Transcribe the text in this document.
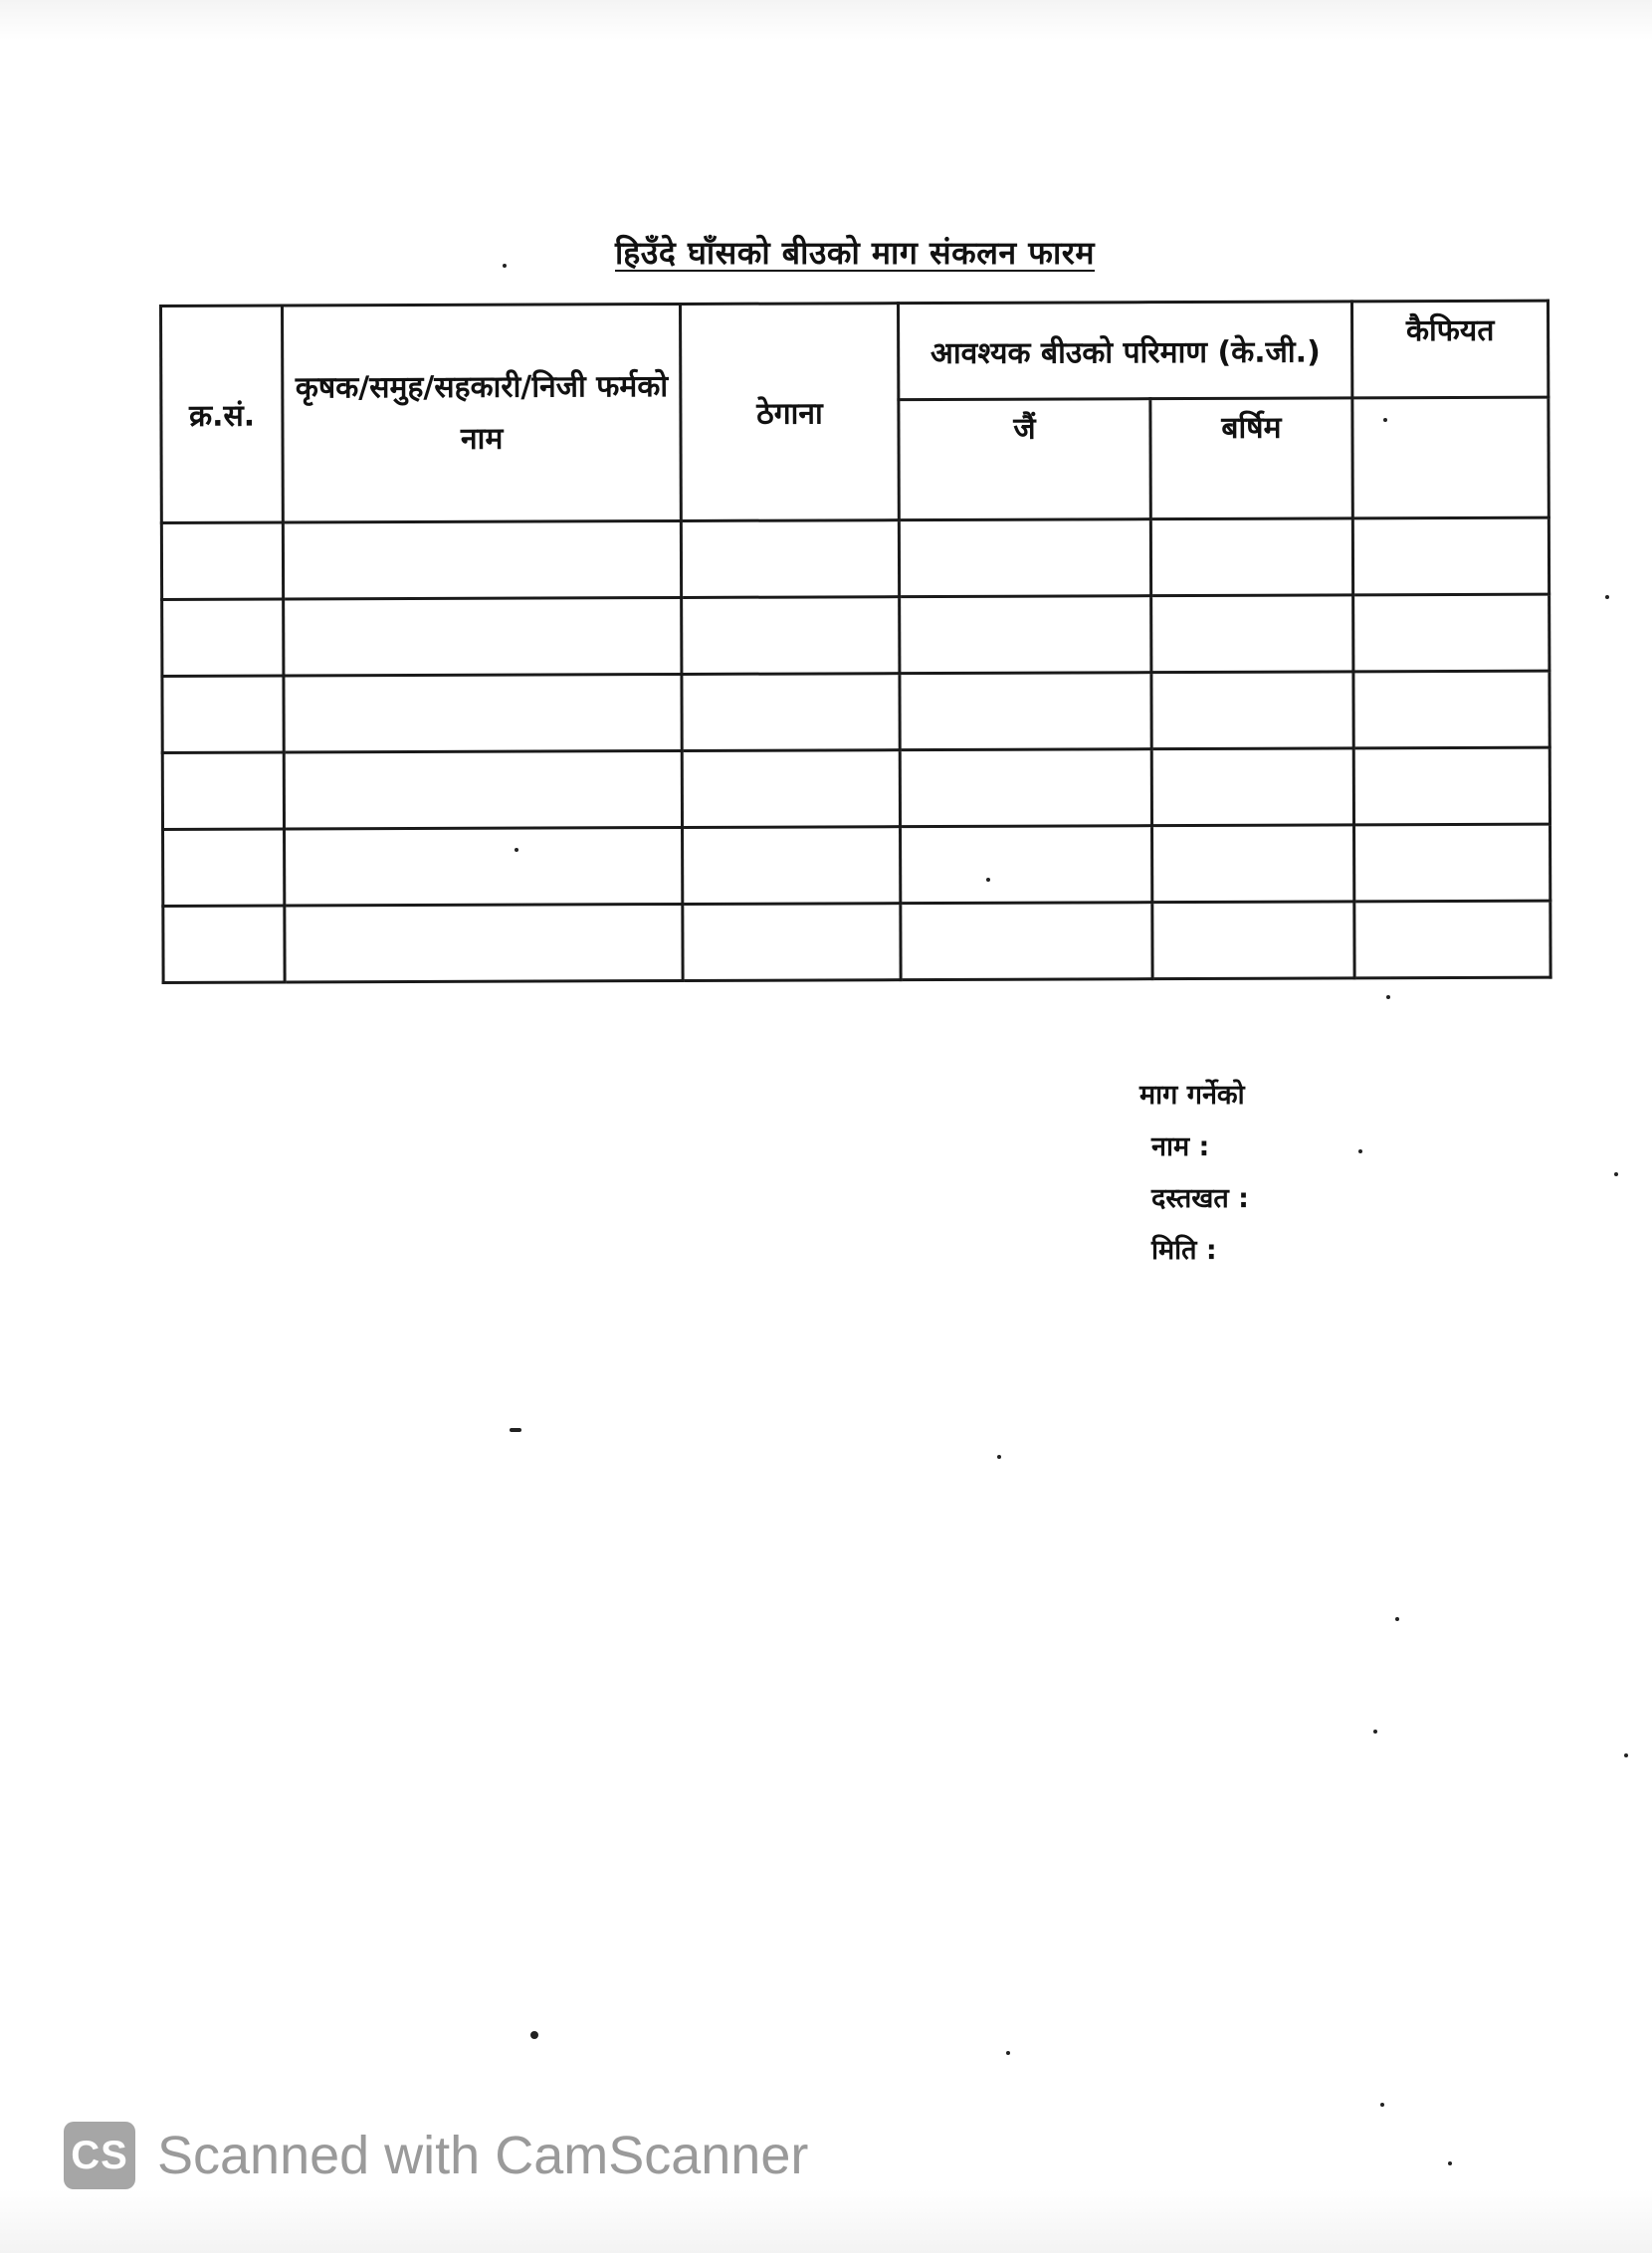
हिउँदे घाँसको बीउको माग संकलन फारम
क्र.सं.	कृषक/समुह/सहकारी/निजी फर्मको नाम	ठेगाना	आवश्यक बीउको परिमाण (के.जी.)		कैफियत
			जैं	बर्षिम	

माग गर्नेको
नाम :
दस्तखत :
मिति :
CS Scanned with CamScanner
